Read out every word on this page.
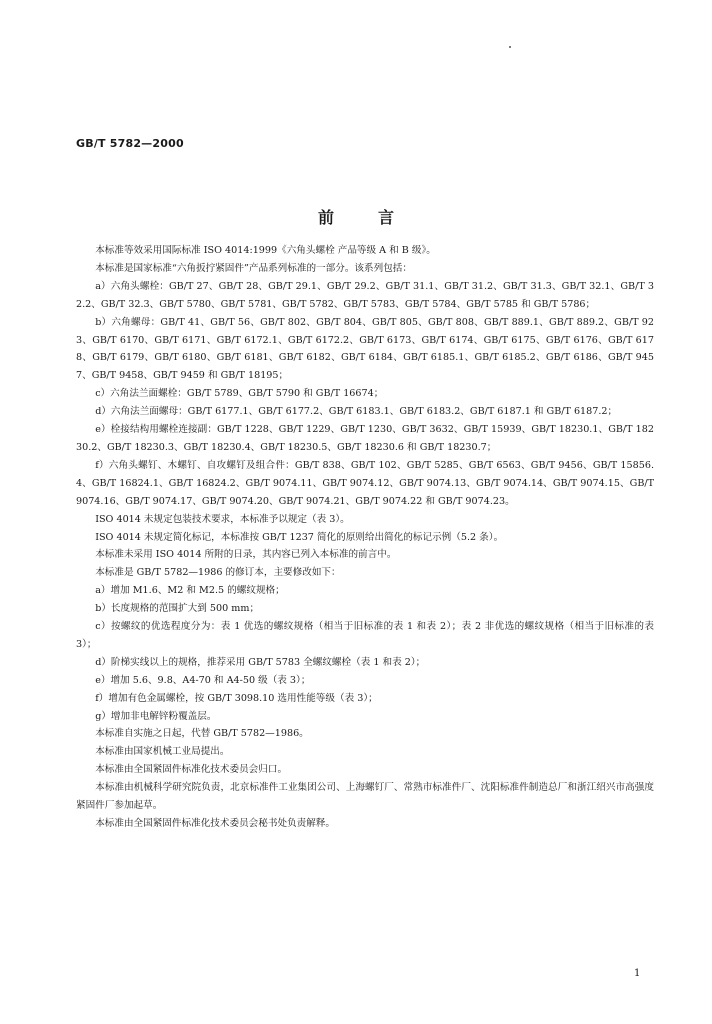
GB/T 5782—2000
前	言

本标准等效采用国际标准 ISO 4014:1999《六角头螺栓 产品等级 A 和 B 级》。

本标准是国家标准“六角扳拧紧固件”产品系列标准的一部分。该系列包括：

a）六角头螺栓：GB/T 27、GB/T 28、GB/T 29.1、GB/T 29.2、GB/T 31.1、GB/T 31.2、GB/T 31.3、GB/T 32.1、GB/T 32.2、GB/T 32.3、GB/T 5780、GB/T 5781、GB/T 5782、GB/T 5783、GB/T 5784、GB/T 5785 和 GB/T 5786；

b）六角螺母：GB/T 41、GB/T 56、GB/T 802、GB/T 804、GB/T 805、GB/T 808、GB/T 889.1、GB/T 889.2、GB/T 923、GB/T 6170、GB/T 6171、GB/T 6172.1、GB/T 6172.2、GB/T 6173、GB/T 6174、GB/T 6175、GB/T 6176、GB/T 6178、GB/T 6179、GB/T 6180、GB/T 6181、GB/T 6182、GB/T 6184、GB/T 6185.1、GB/T 6185.2、GB/T 6186、GB/T 9457、GB/T 9458、GB/T 9459 和 GB/T 18195；

c）六角法兰面螺栓：GB/T 5789、GB/T 5790 和 GB/T 16674；

d）六角法兰面螺母：GB/T 6177.1、GB/T 6177.2、GB/T 6183.1、GB/T 6183.2、GB/T 6187.1 和 GB/T 6187.2；

e）栓接结构用螺栓连接副：GB/T 1228、GB/T 1229、GB/T 1230、GB/T 3632、GB/T 15939、GB/T 18230.1、GB/T 18230.2、GB/T 18230.3、GB/T 18230.4、GB/T 18230.5、GB/T 18230.6 和 GB/T 18230.7；

f）六角头螺钉、木螺钉、自攻螺钉及组合件：GB/T 838、GB/T 102、GB/T 5285、GB/T 6563、GB/T 9456、GB/T 15856.4、GB/T 16824.1、GB/T 16824.2、GB/T 9074.11、GB/T 9074.12、GB/T 9074.13、GB/T 9074.14、GB/T 9074.15、GB/T 9074.16、GB/T 9074.17、GB/T 9074.20、GB/T 9074.21、GB/T 9074.22 和 GB/T 9074.23。

ISO 4014 未规定包装技术要求，本标准予以规定（表 3）。

ISO 4014 未规定简化标记，本标准按 GB/T 1237 简化的原则给出简化的标记示例（5.2 条）。

本标准未采用 ISO 4014 所附的日录，其内容已列入本标准的前言中。

本标准是 GB/T 5782—1986 的修订本，主要修改如下：

a）增加 M1.6、M2 和 M2.5 的螺纹规格；

b）长度规格的范围扩大到 500 mm；

c）按螺纹的优选程度分为：表 1 优选的螺纹规格（相当于旧标准的表 1 和表 2）；表 2 非优选的螺纹规格（相当于旧标准的表 3）；

d）阶梯实线以上的规格，推荐采用 GB/T 5783 全螺纹螺栓（表 1 和表 2）；

e）增加 5.6、9.8、A4-70 和 A4-50 级（表 3）；

f）增加有色金属螺栓，按 GB/T 3098.10 选用性能等级（表 3）；

g）增加非电解锌粉覆盖层。

本标准自实施之日起，代替 GB/T 5782—1986。

本标准由国家机械工业局提出。

本标准由全国紧固件标准化技术委员会归口。

本标准由机械科学研究院负责，北京标准件工业集团公司、上海螺钉厂、常熟市标准件厂、沈阳标准件制造总厂和浙江绍兴市高强度紧固件厂参加起草。

本标准由全国紧固件标准化技术委员会秘书处负责解释。

1
